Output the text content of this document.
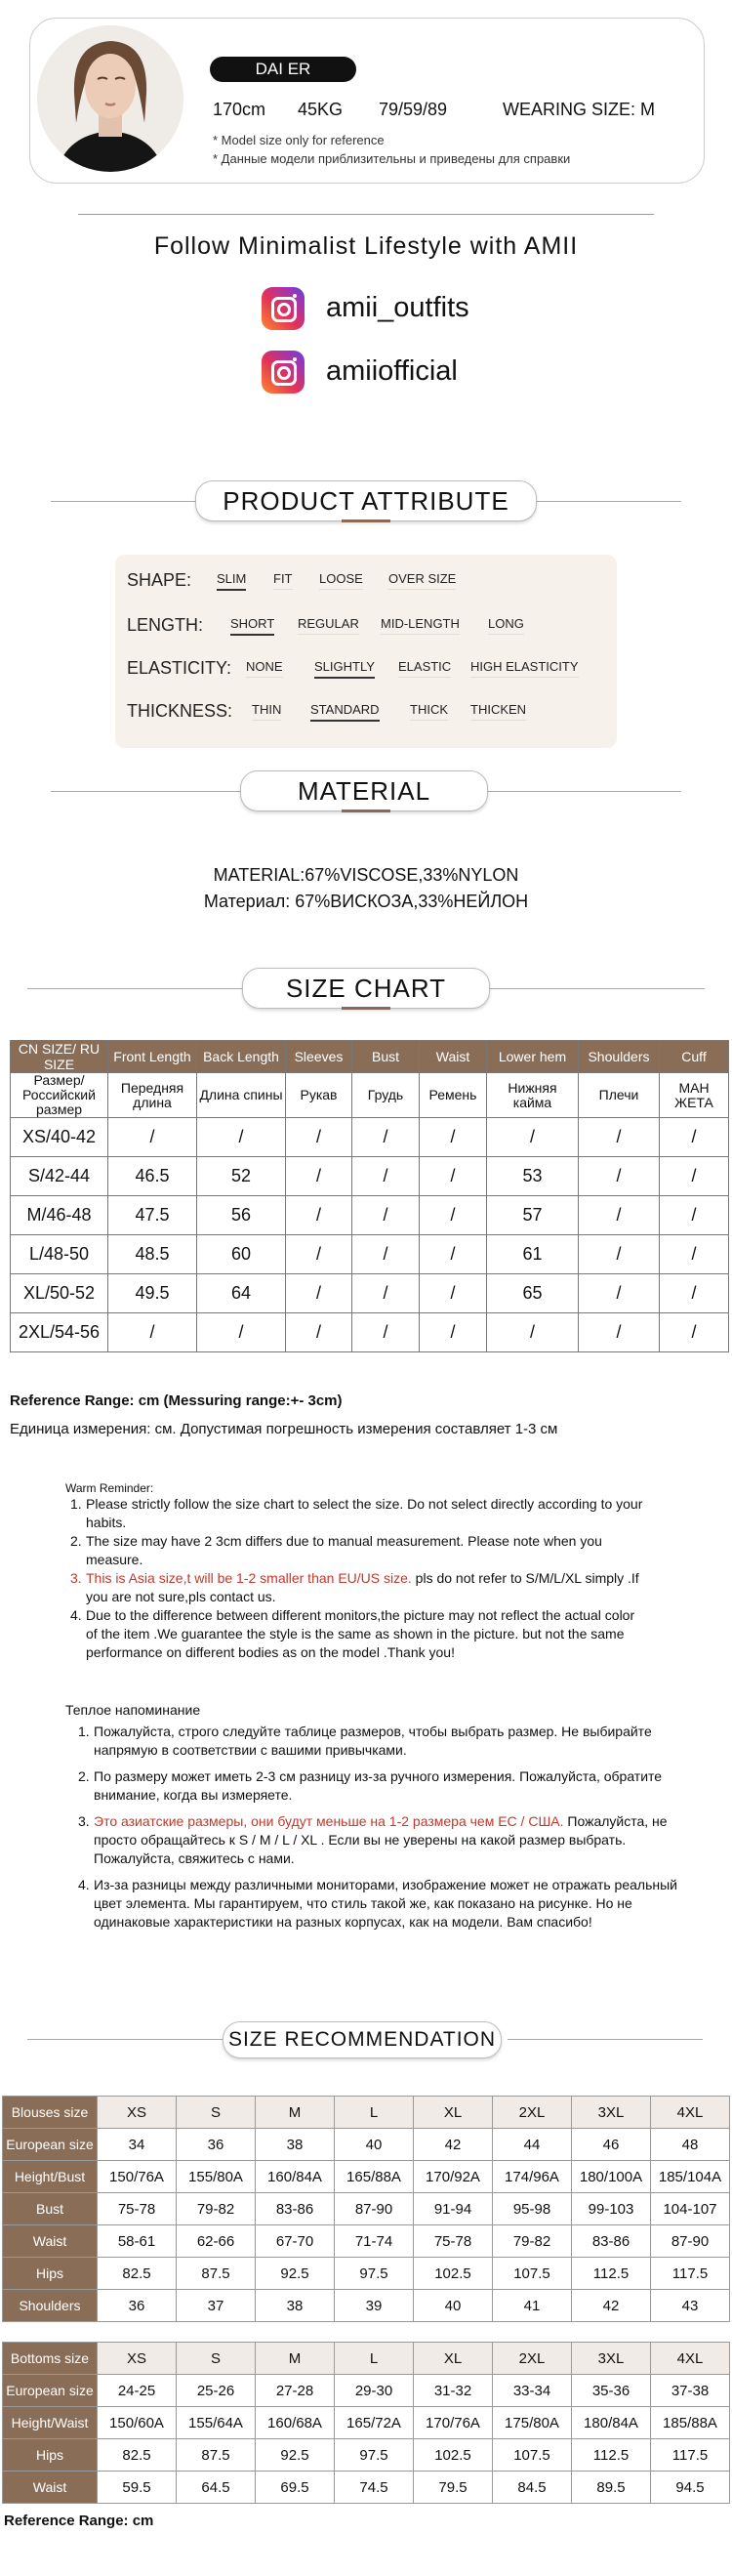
DAI ER
170cm 45KG 79/59/89	WEARING SIZE: M
* Model size only for reference
* Данные модели приблизительны и приведены для справки
Follow Minimalist Lifestyle with AMII
amii_outfits
amiiofficial
PRODUCT ATTRIBUTE
SHAPE: SLIM FIT LOOSE OVER SIZE
LENGTH: SHORT REGULAR MID-LENGTH LONG
ELASTICITY: NONE SLIGHTLY ELASTIC HIGH ELASTICITY
THICKNESS: THIN STANDARD THICK THICKEN
MATERIAL
MATERIAL:67%VISCOSE,33%NYLON
Материал: 67%ВИСКОЗА,33%НЕЙЛОН
SIZE CHART
CN SIZE/ RU SIZE	Front Length	Back Length	Sleeves	Bust	Waist	Lower hem	Shoulders	Cuff
Размер/ Российский размер	Передняя длина	Длина спины	Рукав	Грудь	Ремень	Нижняя кайма	Плечи	МАН ЖЕТА
XS/40-42	/	/	/	/	/	/	/	/
S/42-44	46.5	52	/	/	/	53	/	/
M/46-48	47.5	56	/	/	/	57	/	/
L/48-50	48.5	60	/	/	/	61	/	/
XL/50-52	49.5	64	/	/	/	65	/	/
2XL/54-56	/	/	/	/	/	/	/	/
Reference Range: cm (Messuring range:+- 3cm)
Единица измерения: см. Допустимая погрешность измерения составляет 1-3 см
Warm Reminder:
1. Please strictly follow the size chart to select the size. Do not select directly according to your habits.
2. The size may have 2 3cm differs due to manual measurement. Please note when you measure.
3. This is Asia size,t will be 1-2 smaller than EU/US size. pls do not refer to S/M/L/XL simply .If you are not sure,pls contact us.
4. Due to the difference between different monitors,the picture may not reflect the actual color of the item .We guarantee the style is the same as shown in the picture. but not the same performance on different bodies as on the model .Thank you!
Теплое напоминание
1. Пожалуйста, строго следуйте таблице размеров, чтобы выбрать размер. Не выбирайте напрямую в соответствии с вашими привычками.
2. По размеру может иметь 2-3 см разницу из-за ручного измерения. Пожалуйста, обратите внимание, когда вы измеряете.
3. Это азиатские размеры, они будут меньше на 1-2 размера чем ЕС / США. Пожалуйста, не просто обращайтесь к S / M / L / XL . Если вы не уверены на какой размер выбрать. Пожалуйста, свяжитесь с нами.
4. Из-за разницы между различными мониторами, изображение может не отражать реальный цвет элемента. Мы гарантируем, что стиль такой же, как показано на рисунке. Но не одинаковые характеристики на разных корпусах, как на модели. Вам спасибо!
SIZE RECOMMENDATION
Blouses size	XS	S	M	L	XL	2XL	3XL	4XL
European size	34	36	38	40	42	44	46	48
Height/Bust	150/76A	155/80A	160/84A	165/88A	170/92A	174/96A	180/100A	185/104A
Bust	75-78	79-82	83-86	87-90	91-94	95-98	99-103	104-107
Waist	58-61	62-66	67-70	71-74	75-78	79-82	83-86	87-90
Hips	82.5	87.5	92.5	97.5	102.5	107.5	112.5	117.5
Shoulders	36	37	38	39	40	41	42	43
Bottoms size	XS	S	M	L	XL	2XL	3XL	4XL
European size	24-25	25-26	27-28	29-30	31-32	33-34	35-36	37-38
Height/Waist	150/60A	155/64A	160/68A	165/72A	170/76A	175/80A	180/84A	185/88A
Hips	82.5	87.5	92.5	97.5	102.5	107.5	112.5	117.5
Waist	59.5	64.5	69.5	74.5	79.5	84.5	89.5	94.5
Reference Range: cm
